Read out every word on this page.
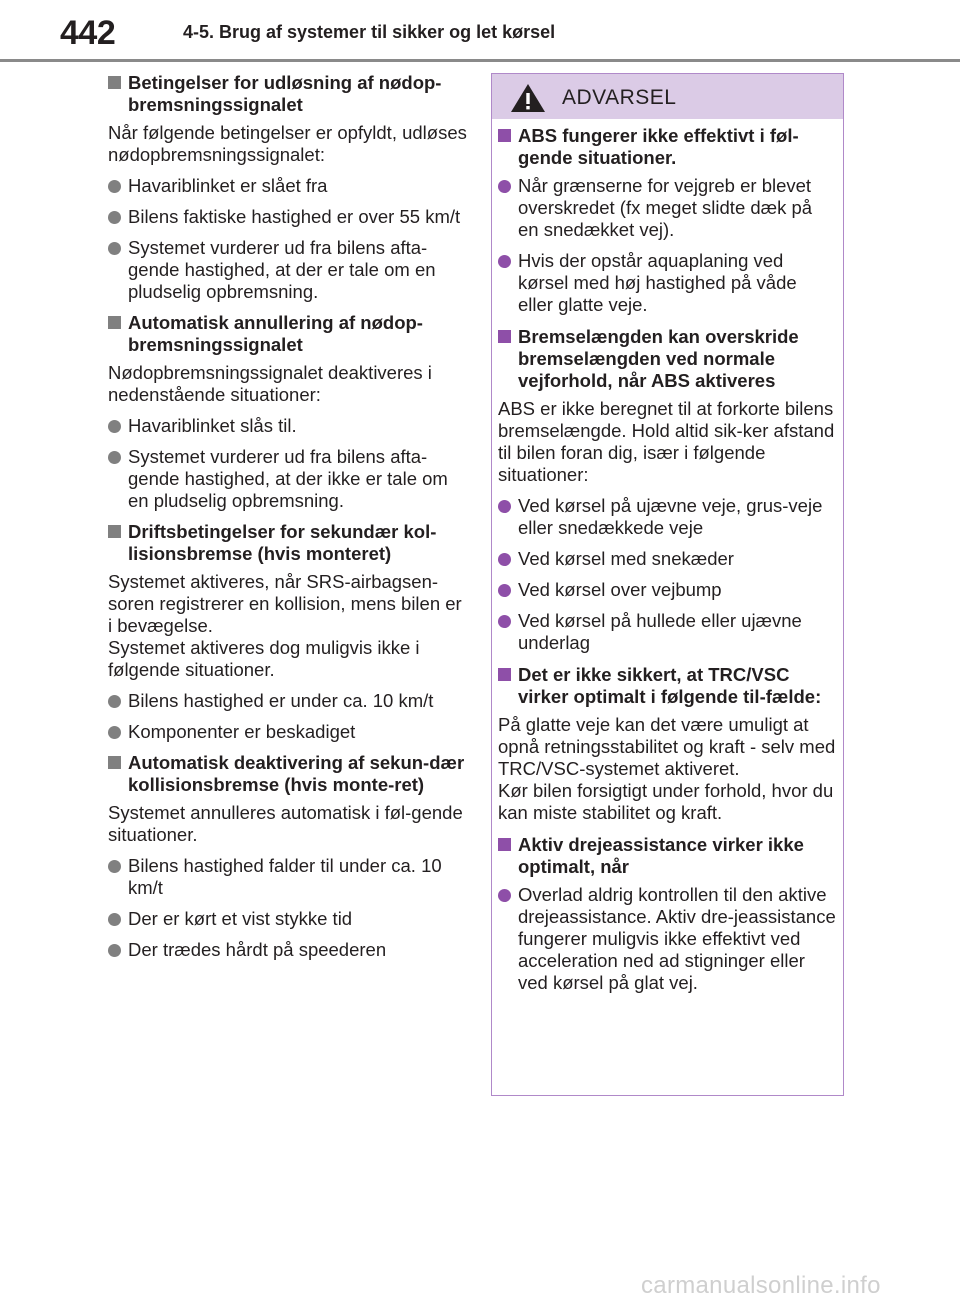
442	4-5. Brug af systemer til sikker og let kørsel
Betingelser for udløsning af nødop-bremsningssignalet
Når følgende betingelser er opfyldt, udløses nødopbremsningssignalet:
Havariblinket er slået fra
Bilens faktiske hastighed er over 55 km/t
Systemet vurderer ud fra bilens afta-gende hastighed, at der er tale om en pludselig opbremsning.
Automatisk annullering af nødop-bremsningssignalet
Nødopbremsningssignalet deaktiveres i nedenstående situationer:
Havariblinket slås til.
Systemet vurderer ud fra bilens afta-gende hastighed, at der ikke er tale om en pludselig opbremsning.
Driftsbetingelser for sekundær kol-lisionsbremse (hvis monteret)
Systemet aktiveres, når SRS-airbagsen-soren registrerer en kollision, mens bilen er i bevægelse.
Systemet aktiveres dog muligvis ikke i følgende situationer.
Bilens hastighed er under ca. 10 km/t
Komponenter er beskadiget
Automatisk deaktivering af sekun-dær kollisionsbremse (hvis monte-ret)
Systemet annulleres automatisk i føl-gende situationer.
Bilens hastighed falder til under ca. 10 km/t
Der er kørt et vist stykke tid
Der trædes hårdt på speederen
ADVARSEL
ABS fungerer ikke effektivt i føl-gende situationer.
Når grænserne for vejgreb er blevet overskredet (fx meget slidte dæk på en snedækket vej).
Hvis der opstår aquaplaning ved kørsel med høj hastighed på våde eller glatte veje.
Bremselængden kan overskride bremselængden ved normale vejforhold, når ABS aktiveres
ABS er ikke beregnet til at forkorte bilens bremselængde. Hold altid sik-ker afstand til bilen foran dig, især i følgende situationer:
Ved kørsel på ujævne veje, grus-veje eller snedækkede veje
Ved kørsel med snekæder
Ved kørsel over vejbump
Ved kørsel på hullede eller ujævne underlag
Det er ikke sikkert, at TRC/VSC virker optimalt i følgende til-fælde:
På glatte veje kan det være umuligt at opnå retningsstabilitet og kraft - selv med TRC/VSC-systemet aktiveret.
Kør bilen forsigtigt under forhold, hvor du kan miste stabilitet og kraft.
Aktiv drejeassistance virker ikke optimalt, når
Overlad aldrig kontrollen til den aktive drejeassistance. Aktiv dre-jeassistance fungerer muligvis ikke effektivt ved acceleration ned ad stigninger eller ved kørsel på glat vej.
carmanualsonline.info
